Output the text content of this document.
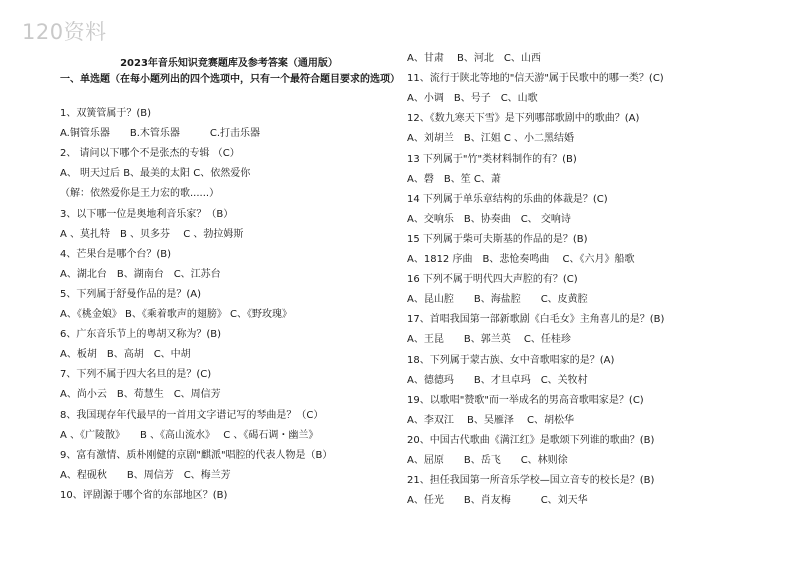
120资料
2023年音乐知识竞赛题库及参考答案（通用版）
一、单选题（在每小题列出的四个选项中，只有一个最符合题目要求的选项）
1、双簧管属于？(B)
A.铜管乐器　　B.木管乐器　　　C.打击乐器
2、 请问以下哪个不是张杰的专辑 （C）
A、 明天过后 B、最美的太阳 C、依然爱你
（解：依然爱你是王力宏的歌......）
3、以下哪一位是奥地利音乐家？（B）
A 、莫扎特　B 、贝多芬　 C 、勃拉姆斯
4、芒果台是哪个台？(B)
A、湖北台　B、湖南台　C、江苏台
5、下列属于舒曼作品的是？(A)
A、《桃金娘》 B、《乘着歌声的翅膀》 C、《野玫瑰》
6、广东音乐节上的粤胡又称为？(B)
A、板胡　B、高胡　C、中胡
7、下列不属于四大名旦的是？(C)
A、尚小云　B、荀慧生　C、周信芳
8、我国现存年代最早的一首用文字谱记写的琴曲是？（C）
A 、《广陵散》　　B 、《高山流水》　 C 、《碣石调・幽兰》
9、富有激情、质朴刚健的京剧"麒派"唱腔的代表人物是（B）
A、程砚秋　　B、周信芳　C、梅兰芳
10、评剧源于哪个省的东部地区？(B)
A、甘肃　 B、河北　C、山西
11、流行于陕北等地的"信天游"属于民歌中的哪一类？(C)
A、小调　B、号子　C、山歌
12、《数九寒天下雪》是下列哪部歌剧中的歌曲？(A)
A、刘胡兰　B、江姐 C 、小二黑结婚
13 下列属于"竹"类材料制作的有？(B)
A、磬　B、笙 C、萧
14 下列属于单乐章结构的乐曲的体裁是？(C)
A、交响乐　B、协奏曲　C、 交响诗
15 下列属于柴可夫斯基的作品的是？(B)
A、1812 序曲　B、悲怆奏鸣曲　 C、《六月》船歌
16 下列不属于明代四大声腔的有？(C)
A、昆山腔　　B、海盐腔　　C、皮黄腔
17、首唱我国第一部新歌剧《白毛女》主角喜儿的是？(B)
A、王昆　　B、郭兰英　 C、任桂珍
18、下列属于蒙古族、女中音歌唱家的是？(A)
A、德德玛　　B、才旦卓玛　C、关牧村
19、以歌唱"赞歌"而一举成名的男高音歌唱家是？(C)
A、李双江　 B、吴雁泽　 C、胡松华
20、中国古代歌曲《满江红》是歌颂下列谁的歌曲？(B)
A、屈原　　B、岳飞　　C、林则徐
21、担任我国第一所音乐学校—国立音专的校长是？(B)
A、任光　　B、肖友梅　　　C、刘天华
